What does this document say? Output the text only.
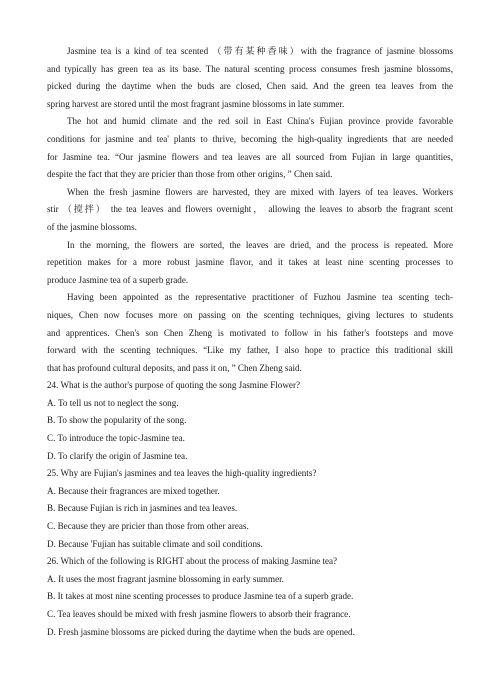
Jasmine tea is a kind of tea scented （带有某种香味）with the fragrance of jasmine blossoms
and typically has green tea as its base. The natural scenting process consumes fresh jasmine blossoms,
picked during the daytime when the buds are closed, Chen said. And the green tea leaves from the
spring harvest are stored until the most fragrant jasmine blossoms in late summer.

The hot and humid climate and the red soil in East China's Fujian province provide favorable
conditions for jasmine and tea' plants to thrive, becoming the high-quality ingredients that are needed
for Jasmine tea. “Our jasmine flowers and tea leaves are all sourced from Fujian in large quantities,
despite the fact that they are pricier than those from other origins, ” Chen said.

When the fresh jasmine flowers are harvested, they are mixed with layers of tea leaves. Workers
stir （搅拌） the tea leaves and flowers overnight， allowing the leaves to absorb the fragrant scent
of the jasmine blossoms.

In the morning, the flowers are sorted, the leaves are dried, and the process is repeated. More
repetition makes for a more robust jasmine flavor, and it takes at least nine scenting processes to
produce Jasmine tea of a superb grade.

Having been appointed as the representative practitioner of Fuzhou Jasmine tea scenting tech-
niques, Chen now focuses more on passing on the scenting techniques, giving lectures to students
and apprentices. Chen's son Chen Zheng is motivated to follow in his father's footsteps and move
forward with the scenting techniques. “Like my father, I also hope to practice this traditional skill
that has profound cultural deposits, and pass it on, ” Chen Zheng said.

24. What is the author's purpose of quoting the song Jasmine Flower?
A. To tell us not to neglect the song.
B. To show the popularity of the song.
C. To introduce the topic-Jasmine tea.
D. To clarify the origin of Jasmine tea.
25. Why are Fujian's jasmines and tea leaves the high-quality ingredients?
A. Because their fragrances are mixed together.
B. Because Fujian is rich in jasmines and tea leaves.
C. Because they are pricier than those from other areas.
D. Because 'Fujian has suitable climate and soil conditions.
26. Which of the following is RIGHT about the process of making Jasmine tea?
A. It uses the most fragrant jasmine blossoming in early summer.
B. It takes at most nine scenting processes to produce Jasmine tea of a superb grade.
C. Tea leaves should be mixed with fresh jasmine flowers to absorb their fragrance.
D. Fresh jasmine blossoms are picked during the daytime when the buds are opened.
